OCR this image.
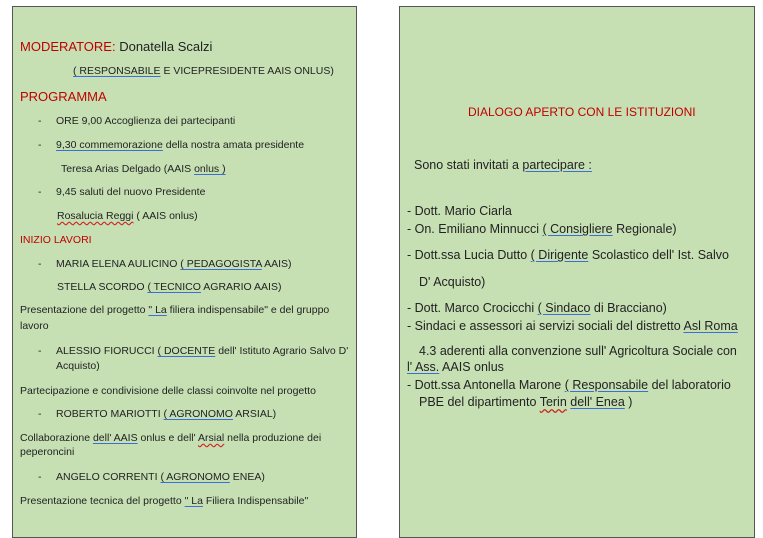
MODERATORE: Donatella Scalzi
( RESPONSABILE E VICEPRESIDENTE AAIS ONLUS)
PROGRAMMA
- ORE 9,00 Accoglienza dei partecipanti
- 9,30 commemorazione della nostra amata presidente
Teresa Arias Delgado (AAIS onlus )
- 9,45 saluti del nuovo Presidente
Rosalucia Reggi ( AAIS onlus)
INIZIO LAVORI
- MARIA ELENA AULICINO ( PEDAGOGISTA AAIS)
STELLA SCORDO ( TECNICO AGRARIO AAIS)
Presentazione del progetto " La filiera indispensabile" e del gruppo
lavoro
- ALESSIO FIORUCCI ( DOCENTE dell' Istituto Agrario Salvo D'
Acquisto)
Partecipazione e condivisione delle classi coinvolte nel progetto
- ROBERTO MARIOTTI ( AGRONOMO ARSIAL)
Collaborazione dell' AAIS onlus e dell' Arsial nella produzione dei
peperoncini
- ANGELO CORRENTI ( AGRONOMO ENEA)
Presentazione tecnica del progetto " La Filiera Indispensabile"
DIALOGO APERTO CON LE ISTITUZIONI
Sono stati invitati a partecipare :
- Dott. Mario Ciarla
- On. Emiliano Minnucci ( Consigliere Regionale)
- Dott.ssa Lucia Dutto ( Dirigente Scolastico dell' Ist. Salvo
D' Acquisto)
- Dott. Marco Crocicchi ( Sindaco di Bracciano)
- Sindaci e assessori ai servizi sociali del distretto Asl Roma
4.3 aderenti alla convenzione sull' Agricoltura Sociale con
l' Ass. AAIS onlus
- Dott.ssa Antonella Marone ( Responsabile del laboratorio
PBE del dipartimento Terin dell' Enea )
